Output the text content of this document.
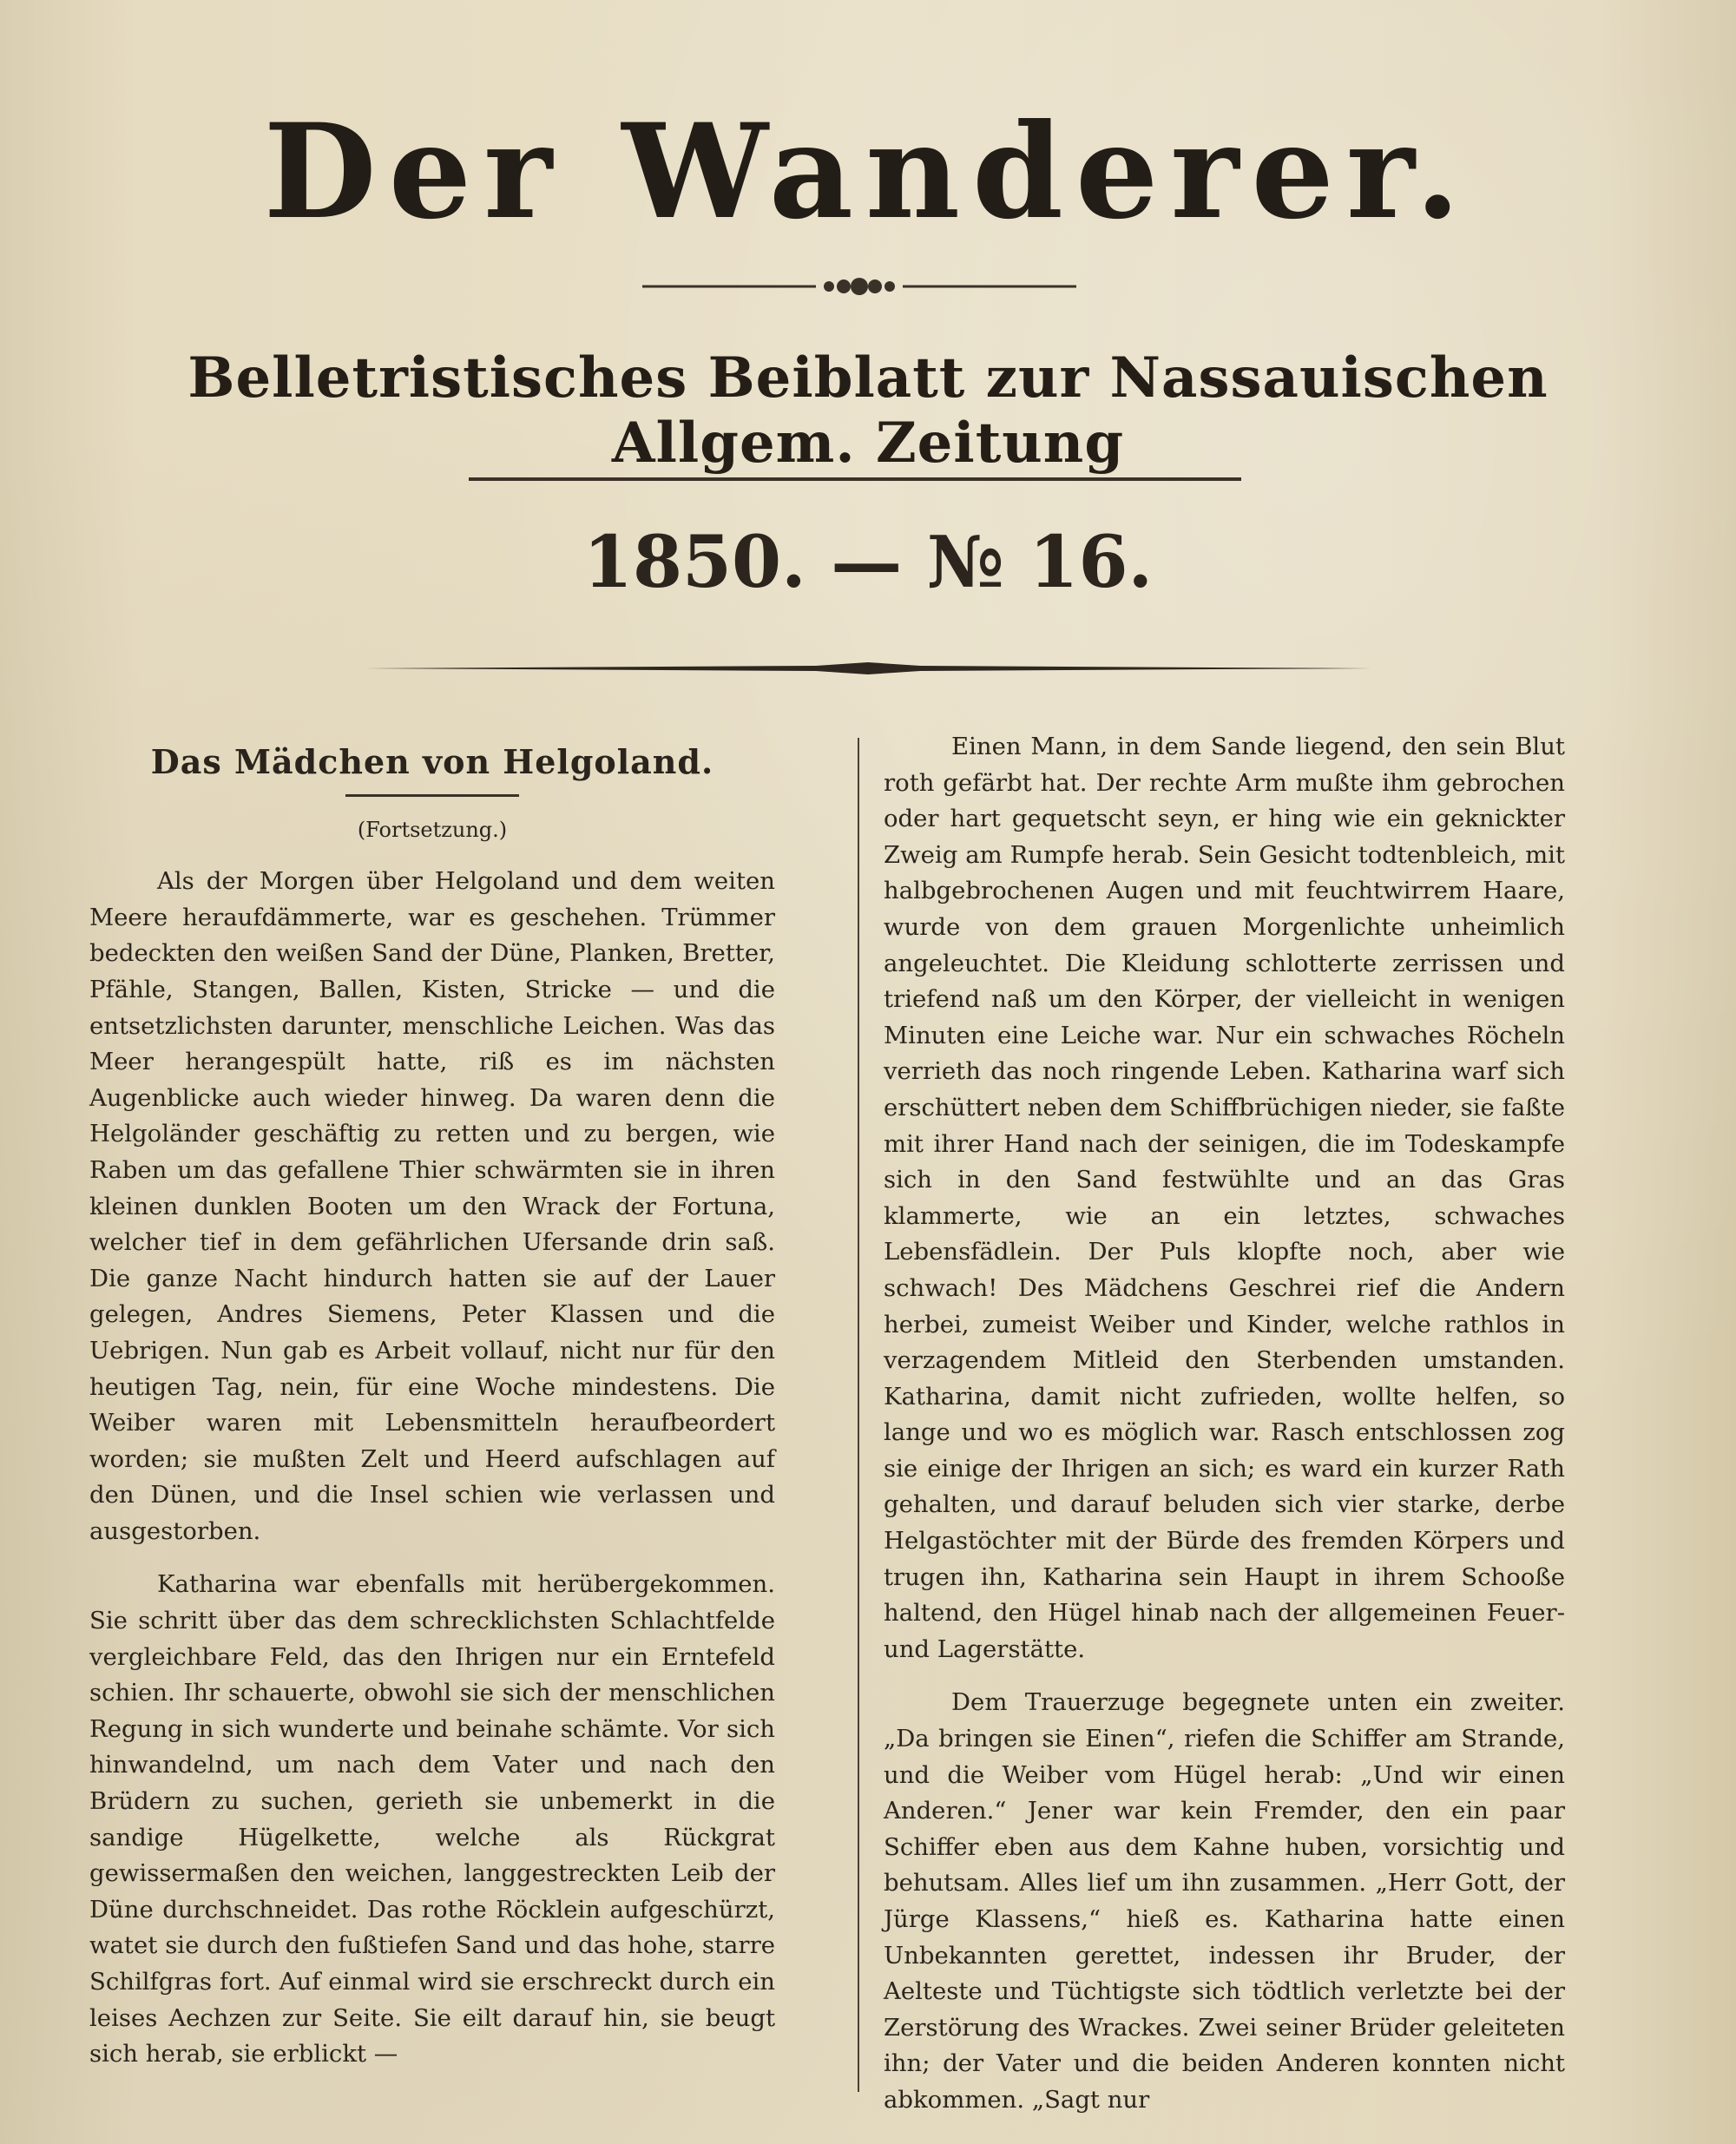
Der Wanderer.
Belletristisches Beiblatt zur Nassauischen Allgem. Zeitung
1850. — № 16.
Das Mädchen von Helgoland.
(Fortsetzung.)

Als der Morgen über Helgoland und dem weiten Meere heraufdämmerte, war es geschehen. Trümmer bedeckten den weißen Sand der Düne, Planken, Bretter, Pfähle, Stangen, Ballen, Kisten, Stricke — und die entsetzlichsten darunter, menschliche Leichen. Was das Meer herangespült hatte, riß es im nächsten Augenblicke auch wieder hinweg. Da waren denn die Helgoländer geschäftig zu retten und zu bergen, wie Raben um das gefallene Thier schwärmten sie in ihren kleinen dunklen Booten um den Wrack der Fortuna, welcher tief in dem gefährlichen Ufersande drin saß. Die ganze Nacht hindurch hatten sie auf der Lauer gelegen, Andres Siemens, Peter Klassen und die Uebrigen. Nun gab es Arbeit vollauf, nicht nur für den heutigen Tag, nein, für eine Woche mindestens. Die Weiber waren mit Lebensmitteln heraufbeordert worden; sie mußten Zelt und Heerd aufschlagen auf den Dünen, und die Insel schien wie verlassen und ausgestorben.

Katharina war ebenfalls mit herübergekommen. Sie schritt über das dem schrecklichsten Schlachtfelde vergleichbare Feld, das den Ihrigen nur ein Erntefeld schien. Ihr schauerte, obwohl sie sich der menschlichen Regung in sich wunderte und beinahe schämte. Vor sich hinwandelnd, um nach dem Vater und nach den Brüdern zu suchen, gerieth sie unbemerkt in die sandige Hügelkette, welche als Rückgrat gewissermaßen den weichen, langgestreckten Leib der Düne durchschneidet. Das rothe Röcklein aufgeschürzt, watet sie durch den fußtiefen Sand und das hohe, starre Schilfgras fort. Auf einmal wird sie erschreckt durch ein leises Aechzen zur Seite. Sie eilt darauf hin, sie beugt sich herab, sie erblickt —

Einen Mann, in dem Sande liegend, den sein Blut roth gefärbt hat. Der rechte Arm mußte ihm gebrochen oder hart gequetscht seyn, er hing wie ein geknickter Zweig am Rumpfe herab. Sein Gesicht todtenbleich, mit halbgebrochenen Augen und mit feuchtwirrem Haare, wurde von dem grauen Morgenlichte unheimlich angeleuchtet. Die Kleidung schlotterte zerrissen und triefend naß um den Körper, der vielleicht in wenigen Minuten eine Leiche war. Nur ein schwaches Röcheln verrieth das noch ringende Leben. Katharina warf sich erschüttert neben dem Schiffbrüchigen nieder, sie faßte mit ihrer Hand nach der seinigen, die im Todeskampfe sich in den Sand festwühlte und an das Gras klammerte, wie an ein letztes, schwaches Lebensfädlein. Der Puls klopfte noch, aber wie schwach! Des Mädchens Geschrei rief die Andern herbei, zumeist Weiber und Kinder, welche rathlos in verzagendem Mitleid den Sterbenden umstanden. Katharina, damit nicht zufrieden, wollte helfen, so lange und wo es möglich war. Rasch entschlossen zog sie einige der Ihrigen an sich; es ward ein kurzer Rath gehalten, und darauf beluden sich vier starke, derbe Helgastöchter mit der Bürde des fremden Körpers und trugen ihn, Katharina sein Haupt in ihrem Schooße haltend, den Hügel hinab nach der allgemeinen Feuer- und Lagerstätte.

Dem Trauerzuge begegnete unten ein zweiter. „Da bringen sie Einen“, riefen die Schiffer am Strande, und die Weiber vom Hügel herab: „Und wir einen Anderen.“ Jener war kein Fremder, den ein paar Schiffer eben aus dem Kahne huben, vorsichtig und behutsam. Alles lief um ihn zusammen. „Herr Gott, der Jürge Klassens,“ hieß es. Katharina hatte einen Unbekannten gerettet, indessen ihr Bruder, der Aelteste und Tüchtigste sich tödtlich verletzte bei der Zerstörung des Wrackes. Zwei seiner Brüder geleiteten ihn; der Vater und die beiden Anderen konnten nicht abkommen. „Sagt nur
